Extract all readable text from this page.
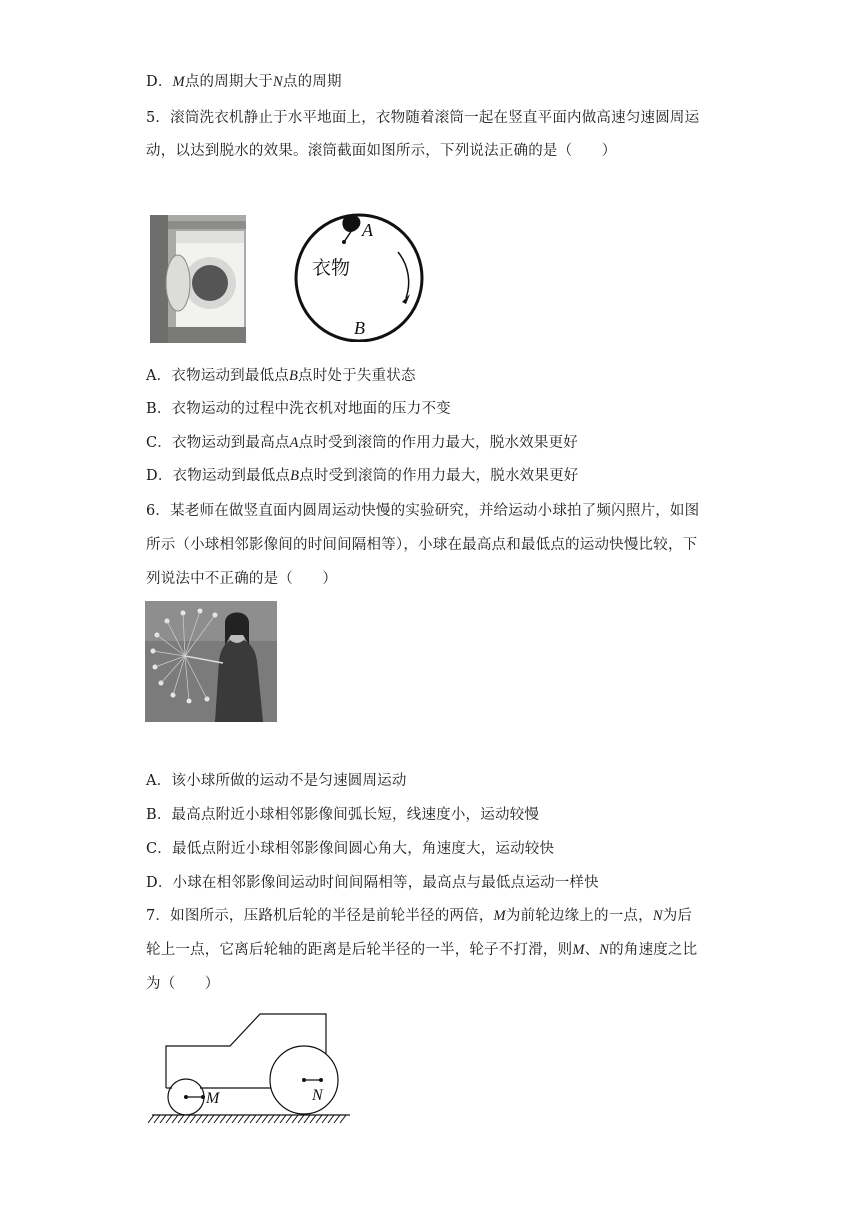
D．M点的周期大于N点的周期
5．滚筒洗衣机静止于水平地面上，衣物随着滚筒一起在竖直平面内做高速匀速圆周运
动，以达到脱水的效果。滚筒截面如图所示，下列说法正确的是（　　）
A
衣物
B
A．衣物运动到最低点B点时处于失重状态
B．衣物运动的过程中洗衣机对地面的压力不变
C．衣物运动到最高点A点时受到滚筒的作用力最大，脱水效果更好
D．衣物运动到最低点B点时受到滚筒的作用力最大，脱水效果更好
6．某老师在做竖直面内圆周运动快慢的实验研究，并给运动小球拍了频闪照片，如图
所示（小球相邻影像间的时间间隔相等），小球在最高点和最低点的运动快慢比较，下
列说法中不正确的是（　　）
A．该小球所做的运动不是匀速圆周运动
B．最高点附近小球相邻影像间弧长短，线速度小，运动较慢
C．最低点附近小球相邻影像间圆心角大，角速度大，运动较快
D．小球在相邻影像间运动时间间隔相等，最高点与最低点运动一样快
7．如图所示，压路机后轮的半径是前轮半径的两倍，M为前轮边缘上的一点，N为后
轮上一点，它离后轮轴的距离是后轮半径的一半，轮子不打滑，则M、N的角速度之比
为（　　）
M	N
